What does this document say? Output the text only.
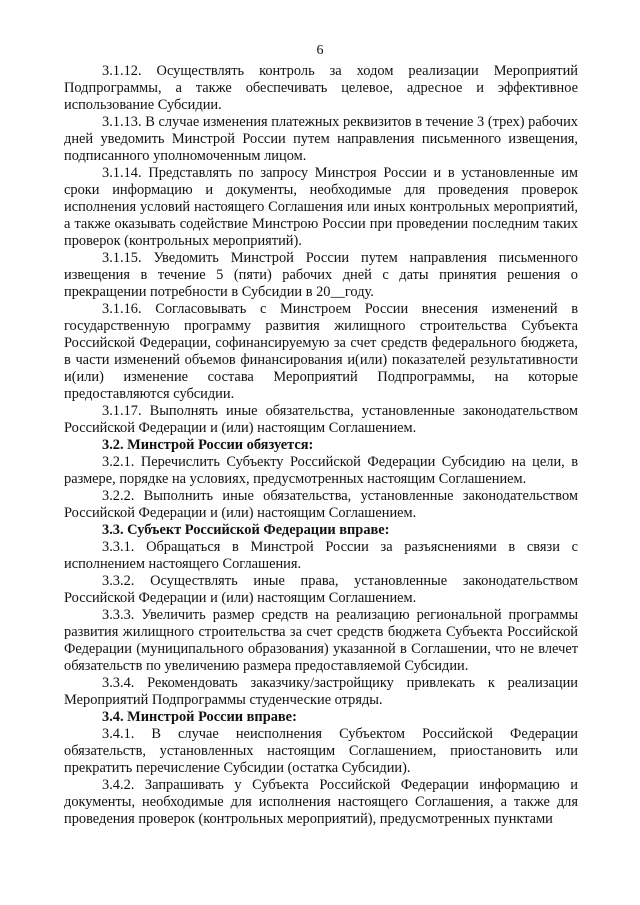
6

3.1.12. Осуществлять контроль за ходом реализации Мероприятий Подпрограммы, а также обеспечивать целевое, адресное и эффективное использование Субсидии.

3.1.13. В случае изменения платежных реквизитов в течение 3 (трех) рабочих дней уведомить Минстрой России путем направления письменного извещения, подписанного уполномоченным лицом.

3.1.14. Представлять по запросу Минстроя России и в установленные им сроки информацию и документы, необходимые для проведения проверок исполнения условий настоящего Соглашения или иных контрольных мероприятий, а также оказывать содействие Минстрою России при проведении последним таких проверок (контрольных мероприятий).

3.1.15. Уведомить Минстрой России путем направления письменного извещения в течение 5 (пяти) рабочих дней с даты принятия решения о прекращении потребности в Субсидии в 20__году.

3.1.16. Согласовывать с Минстроем России внесения изменений в государственную программу развития жилищного строительства Субъекта Российской Федерации, софинансируемую за счет средств федерального бюджета, в части изменений объемов финансирования и(или) показателей результативности и(или) изменение состава Мероприятий Подпрограммы, на которые предоставляются субсидии.

3.1.17. Выполнять иные обязательства, установленные законодательством Российской Федерации и (или) настоящим Соглашением.

3.2. Минстрой России обязуется:

3.2.1. Перечислить Субъекту Российской Федерации Субсидию на цели, в размере, порядке на условиях, предусмотренных настоящим Соглашением.

3.2.2. Выполнить иные обязательства, установленные законодательством Российской Федерации и (или) настоящим Соглашением.

3.3. Субъект Российской Федерации вправе:

3.3.1. Обращаться в Минстрой России за разъяснениями в связи с исполнением настоящего Соглашения.

3.3.2. Осуществлять иные права, установленные законодательством Российской Федерации и (или) настоящим Соглашением.

3.3.3. Увеличить размер средств на реализацию региональной программы развития жилищного строительства за счет средств бюджета Субъекта Российской Федерации (муниципального образования) указанной в Соглашении, что не влечет обязательств по увеличению размера предоставляемой Субсидии.

3.3.4. Рекомендовать заказчику/застройщику привлекать к реализации Мероприятий Подпрограммы студенческие отряды.

3.4. Минстрой России вправе:

3.4.1. В случае неисполнения Субъектом Российской Федерации обязательств, установленных настоящим Соглашением, приостановить или прекратить перечисление Субсидии (остатка Субсидии).

3.4.2. Запрашивать у Субъекта Российской Федерации информацию и документы, необходимые для исполнения настоящего Соглашения, а также для проведения проверок (контрольных мероприятий), предусмотренных пунктами
